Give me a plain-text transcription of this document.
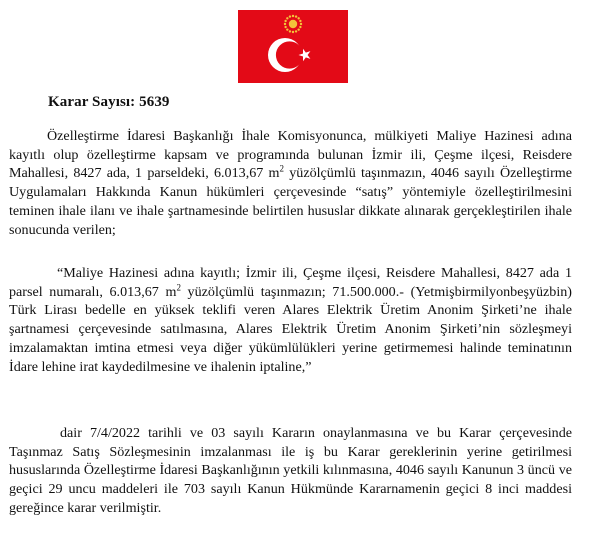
Karar Sayısı: 5639

Özelleştirme İdaresi Başkanlığı İhale Komisyonunca, mülkiyeti Maliye Hazinesi adına kayıtlı olup özelleştirme kapsam ve programında bulunan İzmir ili, Çeşme ilçesi, Reisdere Mahallesi, 8427 ada, 1 parseldeki, 6.013,67 $m^2$ yüzölçümlü taşınmazın, 4046 sayılı Özelleştirme Uygulamaları Hakkında Kanun hükümleri çerçevesinde “satış” yöntemiyle özelleştirilmesini teminen ihale ilanı ve ihale şartnamesinde belirtilen hususlar dikkate alınarak gerçekleştirilen ihale sonucunda verilen;

“Maliye Hazinesi adına kayıtlı; İzmir ili, Çeşme ilçesi, Reisdere Mahallesi, 8427 ada 1 parsel numaralı, 6.013,67 $m^2$ yüzölçümlü taşınmazın; 71.500.000.- (Yetmişbirmilyonbeşyüzbin) Türk Lirası bedelle en yüksek teklifi veren Alares Elektrik Üretim Anonim Şirketi’ne ihale şartnamesi çerçevesinde satılmasına, Alares Elektrik Üretim Anonim Şirketi’nin sözleşmeyi imzalamaktan imtina etmesi veya diğer yükümlülükleri yerine getirmemesi halinde teminatının İdare lehine irat kaydedilmesine ve ihalenin iptaline,”

dair 7/4/2022 tarihli ve 03 sayılı Kararın onaylanmasına ve bu Karar çerçevesinde Taşınmaz Satış Sözleşmesinin imzalanması ile iş bu Karar gereklerinin yerine getirilmesi hususlarında Özelleştirme İdaresi Başkanlığının yetkili kılınmasına, 4046 sayılı Kanunun 3 üncü ve geçici 29 uncu maddeleri ile 703 sayılı Kanun Hükmünde Kararnamenin geçici 8 inci maddesi gereğince karar verilmiştir.
